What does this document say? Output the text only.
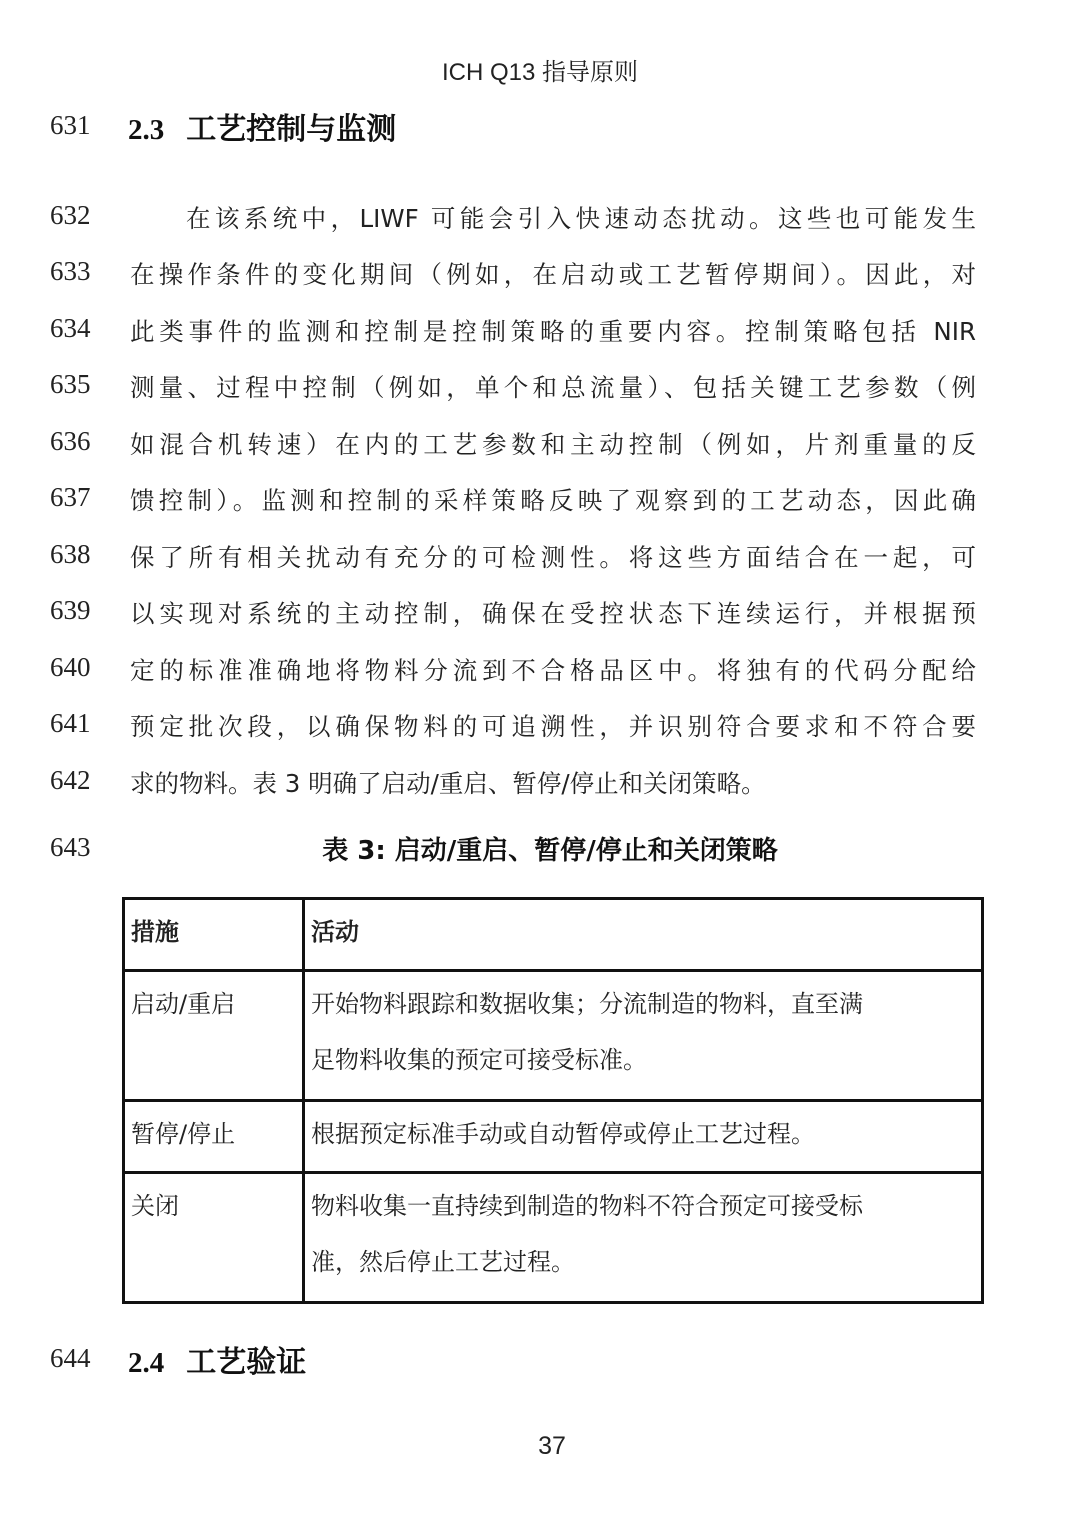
ICH Q13 指导原则
631	2.3 工艺控制与监测
632	在该系统中，LIWF 可能会引入快速动态扰动。这些也可能发生
633	在操作条件的变化期间（例如，在启动或工艺暂停期间）。因此，对
634	此类事件的监测和控制是控制策略的重要内容。控制策略包括 NIR
635	测量、过程中控制（例如，单个和总流量）、包括关键工艺参数（例
636	如混合机转速）在内的工艺参数和主动控制（例如，片剂重量的反
637	馈控制）。监测和控制的采样策略反映了观察到的工艺动态，因此确
638	保了所有相关扰动有充分的可检测性。将这些方面结合在一起，可
639	以实现对系统的主动控制，确保在受控状态下连续运行，并根据预
640	定的标准准确地将物料分流到不合格品区中。将独有的代码分配给
641	预定批次段，以确保物料的可追溯性，并识别符合要求和不符合要
642	求的物料。表 3 明确了启动/重启、暂停/停止和关闭策略。
643	表 3: 启动/重启、暂停/停止和关闭策略
措施	活动
启动/重启	开始物料跟踪和数据收集；分流制造的物料，直至满
足物料收集的预定可接受标准。

暂停/停止	根据预定标准手动或自动暂停或停止工艺过程。

关闭	物料收集一直持续到制造的物料不符合预定可接受标
准，然后停止工艺过程。
644	2.4 工艺验证
37
